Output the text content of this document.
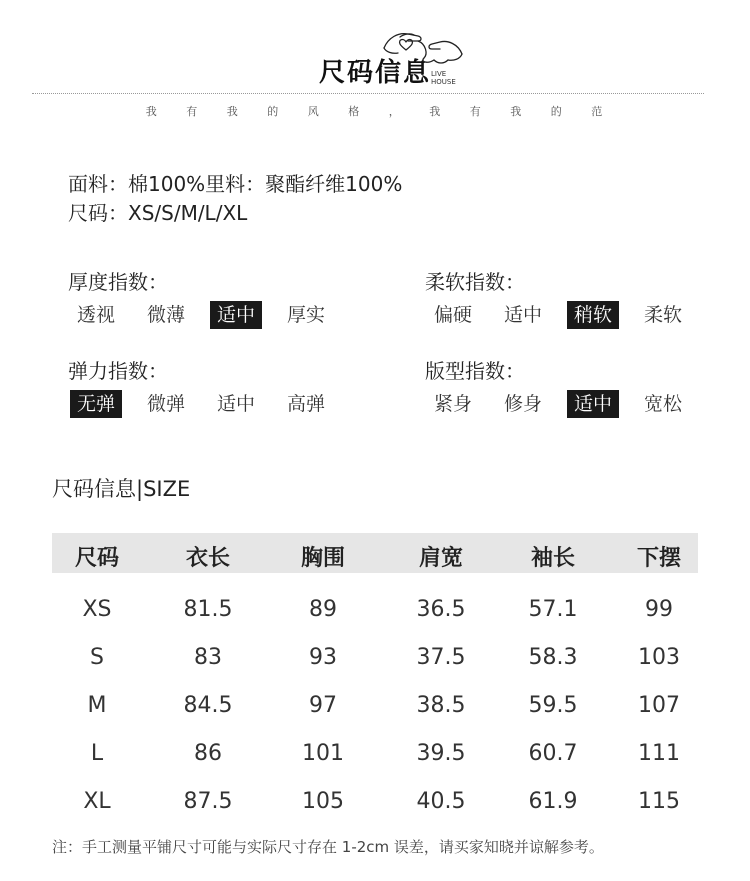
尺码信息 LIVE HOUSE
我 有 我 的 风 格 ， 我 有 我 的 范
面料：棉100%里料：聚酯纤维100%
尺码：XS/S/M/L/XL
厚度指数：
透视	微薄	适中	厚实
柔软指数：
偏硬	适中	稍软	柔软
弹力指数：
无弹	微弹	适中	高弹
版型指数：
紧身	修身	适中	宽松
尺码信息|SIZE
尺码	衣长	胸围	肩宽	袖长	下摆
XS	81.5	89	36.5	57.1	99
S	83	93	37.5	58.3	103
M	84.5	97	38.5	59.5	107
L	86	101	39.5	60.7	111
XL	87.5	105	40.5	61.9	115
注：手工测量平铺尺寸可能与实际尺寸存在 1-2cm 误差，请买家知晓并谅解参考。
